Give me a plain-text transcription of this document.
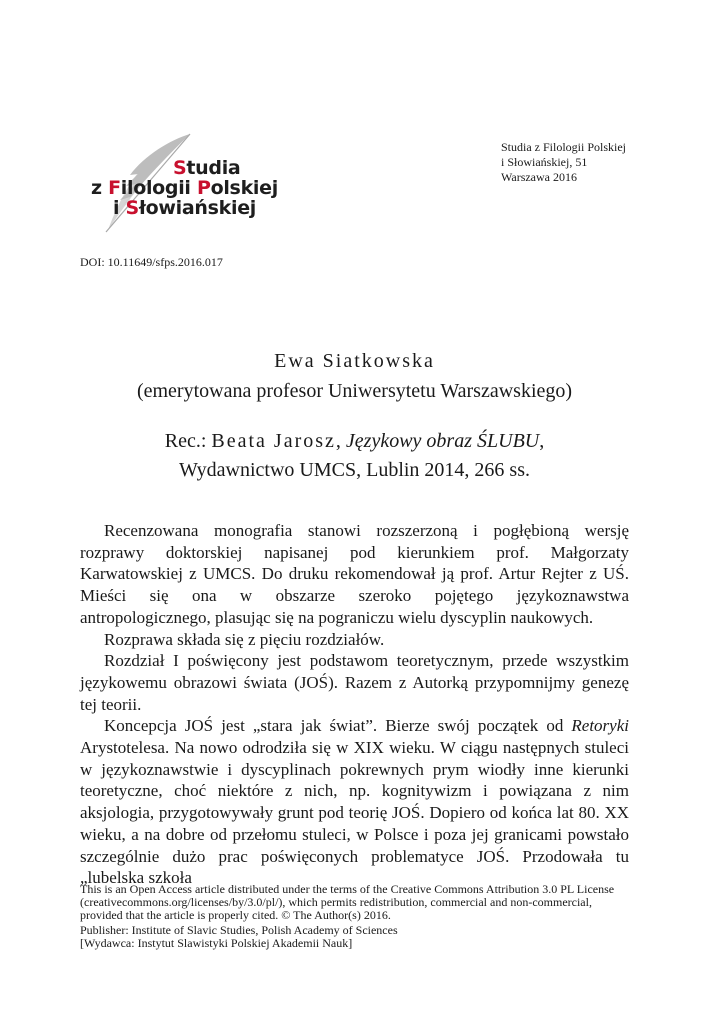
Studia
z Filologii Polskiej
i Słowiańskiej
Studia z Filologii Polskiej
i Słowiańskiej, 51
Warszawa 2016
DOI: 10.11649/sfps.2016.017
Ewa Siatkowska
(emerytowana profesor Uniwersytetu Warszawskiego)
Rec.: Beata Jarosz, Językowy obraz ŚLUBU,
Wydawnictwo UMCS, Lublin 2014, 266 ss.

Recenzowana monografia stanowi rozszerzoną i pogłębioną wersję rozprawy doktorskiej napisanej pod kierunkiem prof. Małgorzaty Karwatowskiej z UMCS. Do druku rekomendował ją prof. Artur Rejter z UŚ. Mieści się ona w obszarze szeroko pojętego językoznawstwa antropologicznego, plasując się na pograniczu wielu dyscyplin naukowych.

Rozprawa składa się z pięciu rozdziałów.

Rozdział I poświęcony jest podstawom teoretycznym, przede wszystkim językowemu obrazowi świata (JOŚ). Razem z Autorką przypomnijmy genezę tej teorii.

Koncepcja JOŚ jest „stara jak świat”. Bierze swój początek od Retoryki Arystotelesa. Na nowo odrodziła się w XIX wieku. W ciągu następnych stuleci w językoznawstwie i dyscyplinach pokrewnych prym wiodły inne kierunki teoretyczne, choć niektóre z nich, np. kognitywizm i powiązana z nim aksjologia, przygotowywały grunt pod teorię JOŚ. Dopiero od końca lat 80. XX wieku, a na dobre od przełomu stuleci, w Polsce i poza jej granicami powstało szczególnie dużo prac poświęconych problematyce JOŚ. Przodowała tu „lubelska szkoła

This is an Open Access article distributed under the terms of the Creative Commons Attribution 3.0 PL License (creativecommons.org/licenses/by/3.0/pl/), which permits redistribution, commercial and non-commercial, provided that the article is properly cited. © The Author(s) 2016.
Publisher: Institute of Slavic Studies, Polish Academy of Sciences
[Wydawca: Instytut Slawistyki Polskiej Akademii Nauk]
